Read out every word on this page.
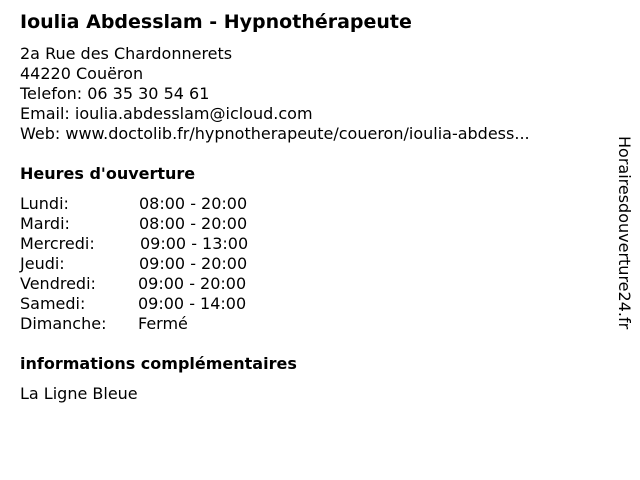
Ioulia Abdesslam - Hypnothérapeute
2a Rue des Chardonnerets
44220 Couëron
Telefon: 06 35 30 54 61
Email: ioulia.abdesslam@icloud.com
Web: www.doctolib.fr/hypnotherapeute/coueron/ioulia-abdess...
Heures d'ouverture
Lundi:	08:00 - 20:00
Mardi:	08:00 - 20:00
Mercredi:	09:00 - 13:00
Jeudi:	09:00 - 20:00
Vendredi:	09:00 - 20:00
Samedi:	09:00 - 14:00
Dimanche: Fermé
informations complémentaires
La Ligne Bleue
Horairesdouverture24.fr
